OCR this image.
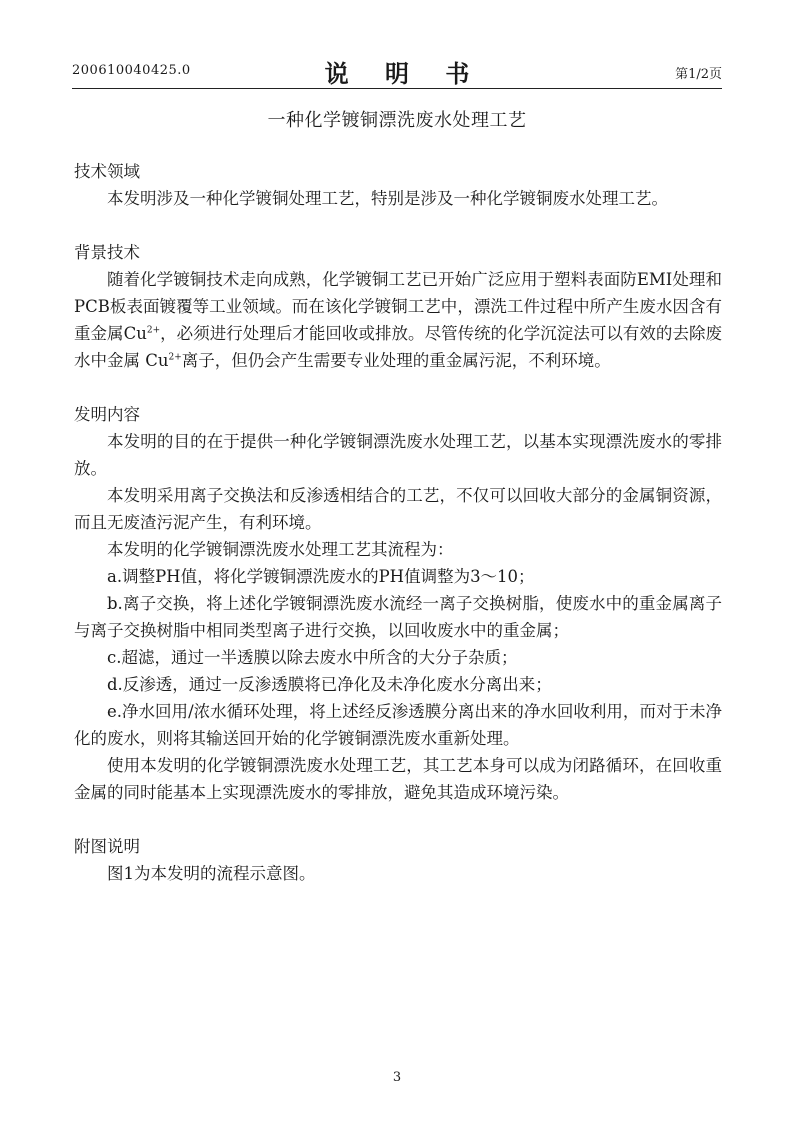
200610040425.0	说 明 书	第1/2页
一种化学镀铜漂洗废水处理工艺

技术领域

本发明涉及一种化学镀铜处理工艺，特别是涉及一种化学镀铜废水处理工艺。

背景技术

随着化学镀铜技术走向成熟，化学镀铜工艺已开始广泛应用于塑料表面防EMI处理和PCB板表面镀覆等工业领域。而在该化学镀铜工艺中，漂洗工件过程中所产生废水因含有重金属$Cu^{2+}$，必须进行处理后才能回收或排放。尽管传统的化学沉淀法可以有效的去除废水中金属 $Cu^{2+}$离子，但仍会产生需要专业处理的重金属污泥，不利环境。

发明内容

本发明的目的在于提供一种化学镀铜漂洗废水处理工艺，以基本实现漂洗废水的零排放。

本发明采用离子交换法和反渗透相结合的工艺，不仅可以回收大部分的金属铜资源，而且无废渣污泥产生，有利环境。

本发明的化学镀铜漂洗废水处理工艺其流程为：

a.调整PH值，将化学镀铜漂洗废水的PH值调整为3～10；

b.离子交换，将上述化学镀铜漂洗废水流经一离子交换树脂，使废水中的重金属离子与离子交换树脂中相同类型离子进行交换，以回收废水中的重金属；

c.超滤，通过一半透膜以除去废水中所含的大分子杂质；

d.反渗透，通过一反渗透膜将已净化及未净化废水分离出来；

e.净水回用/浓水循环处理，将上述经反渗透膜分离出来的净水回收利用，而对于未净化的废水，则将其输送回开始的化学镀铜漂洗废水重新处理。

使用本发明的化学镀铜漂洗废水处理工艺，其工艺本身可以成为闭路循环，在回收重金属的同时能基本上实现漂洗废水的零排放，避免其造成环境污染。

附图说明

图1为本发明的流程示意图。

3
